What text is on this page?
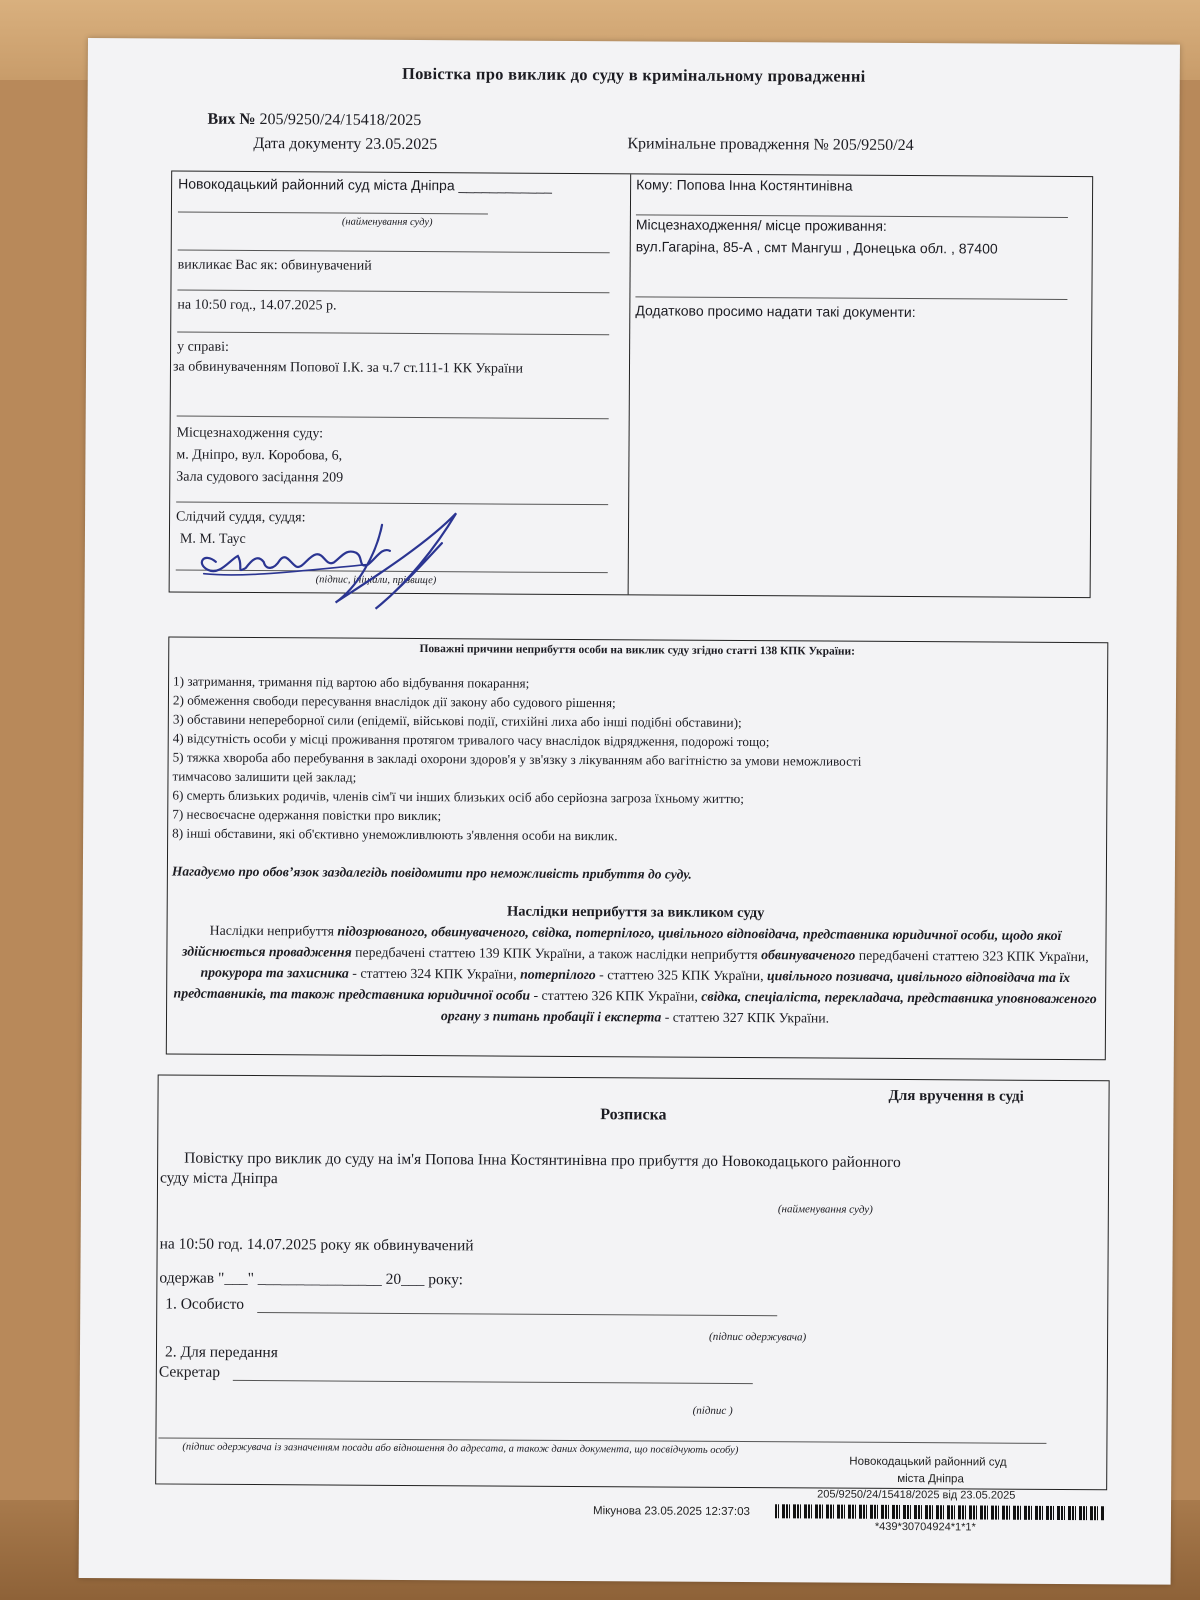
Повістка про виклик до суду в кримінальному провадженні
Вих № 205/9250/24/15418/2025
Дата документу 23.05.2025	Кримінальне провадження № 205/9250/24
Новокодацький районний суд міста Дніпра ____________
(найменування суду)
викликає Вас як: обвинувачений
на 10:50 год., 14.07.2025 р.
у справі:
за обвинуваченням Попової І.К. за ч.7 ст.111-1 КК України
Місцезнаходження суду:
м. Дніпро, вул. Коробова, 6,
Зала судового засідання 209
Слідчий суддя, суддя:
М. М. Таус
(підпис, ініціали, прізвище)
Кому: Попова Інна Костянтинівна
Місцезнаходження/ місце проживання:
вул.Гагаріна, 85-А , смт Мангуш , Донецька обл. , 87400
Додатково просимо надати такі документи:
Поважні причини неприбуття особи на виклик суду згідно статті 138 КПК України:
1) затримання, тримання під вартою або відбування покарання;
2) обмеження свободи пересування внаслідок дії закону або судового рішення;
3) обставини непереборної сили (епідемії, військові події, стихійні лиха або інші подібні обставини);
4) відсутність особи у місці проживання протягом тривалого часу внаслідок відрядження, подорожі тощо;
5) тяжка хвороба або перебування в закладі охорони здоров'я у зв'язку з лікуванням або вагітністю за умови неможливості
тимчасово залишити цей заклад;
6) смерть близьких родичів, членів сім'ї чи інших близьких осіб або серйозна загроза їхньому життю;
7) несвоєчасне одержання повістки про виклик;
8) інші обставини, які об'єктивно унеможливлюють з'явлення особи на виклик.
Нагадуємо про обов’язок заздалегідь повідомити про неможливість прибуття до суду.
Наслідки неприбуття за викликом суду
Наслідки неприбуття підозрюваного, обвинуваченого, свідка, потерпілого, цивільного відповідача, представника юридичної особи, щодо якої здійснюється провадження передбачені статтею 139 КПК України, а також наслідки неприбуття обвинуваченого передбачені статтею 323 КПК України, прокурора та захисника - статтею 324 КПК України, потерпілого - статтею 325 КПК України, цивільного позивача, цивільного відповідача та їх представників, та також представника юридичної особи - статтею 326 КПК України, свідка, спеціаліста, перекладача, представника уповноваженого органу з питань пробації і експерта - статтею 327 КПК України.
Для вручення в суді
Розписка
Повістку про виклик до суду на ім'я Попова Інна Костянтинівна про прибуття до Новокодацького районного
суду міста Дніпра
(найменування суду)
на 10:50 год. 14.07.2025 року як обвинувачений
одержав "___" ________________ 20___ року:
1. Особисто
(підпис одержувача)
2. Для передання
Секретар
(підпис )
(підпис одержувача із зазначенням посади або відношення до адресата, а також даних документа, що посвідчують особу)
Новокодацький районний суд
міста Дніпра
205/9250/24/15418/2025 від 23.05.2025
Мікунова 23.05.2025 12:37:03
*439*30704924*1*1*
